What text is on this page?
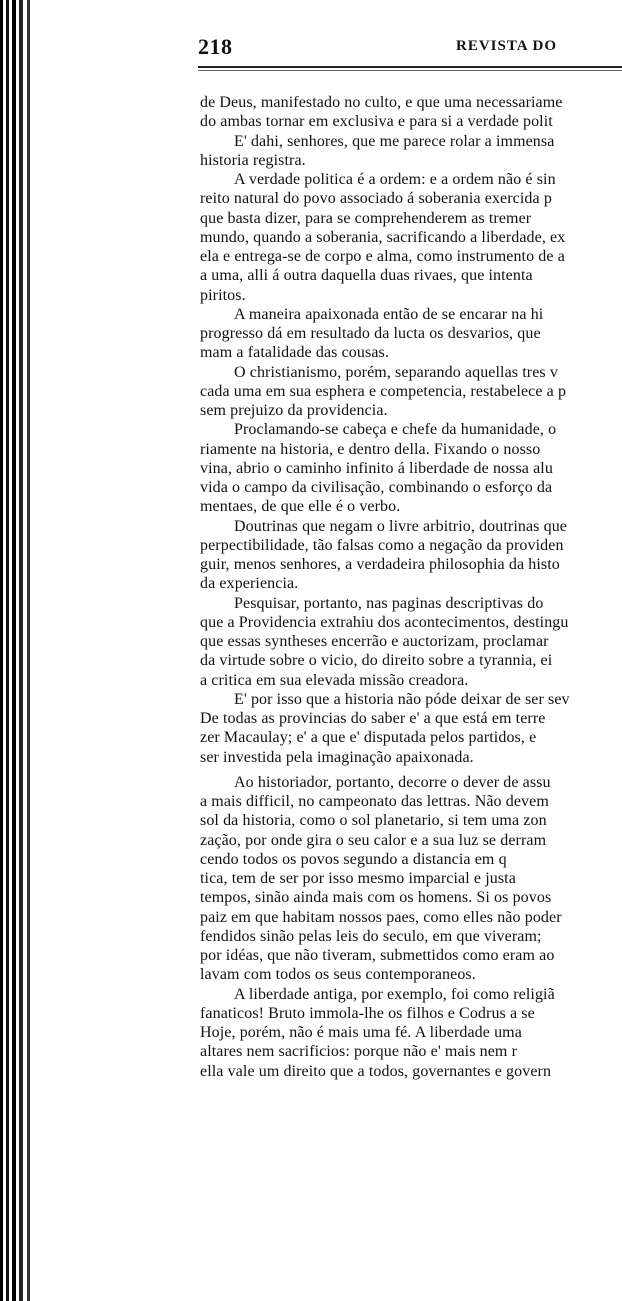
218	REVISTA DO
de Deus, manifestado no culto, e que uma necessariame
do ambas tornar em exclusiva e para si a verdade polit
E' dahi, senhores, que me parece rolar a immensa
historia registra.
A verdade politica é a ordem: e a ordem não é sin
reito natural do povo associado á soberania exercida p
que basta dizer, para se comprehenderem as tremer
mundo, quando a soberania, sacrificando a liberdade, ex
ela e entrega-se de corpo e alma, como instrumento de a
a uma, alli á outra daquella duas rivaes, que intenta
piritos.
A maneira apaixonada então de se encarar na hi
progresso dá em resultado da lucta os desvarios, que
mam a fatalidade das cousas.
O christianismo, porém, separando aquellas tres v
cada uma em sua esphera e competencia, restabelece a p
sem prejuizo da providencia.
Proclamando-se cabeça e chefe da humanidade, o
riamente na historia, e dentro della. Fixando o nosso
vina, abrio o caminho infinito á liberdade de nossa alu
vida o campo da civilisação, combinando o esforço da
mentaes, de que elle é o verbo.
Doutrinas que negam o livre arbitrio, doutrinas que
perpectibilidade, tão falsas como a negação da providen
guir, menos senhores, a verdadeira philosophia da histo
da experiencia.
Pesquisar, portanto, nas paginas descriptivas do
que a Providencia extrahiu dos acontecimentos, destingu
que essas syntheses encerrão e auctorizam, proclamar
da virtude sobre o vicio, do direito sobre a tyrannia, ei
a critica em sua elevada missão creadora.
E' por isso que a historia não póde deixar de ser sev
De todas as provincias do saber e' a que está em terre
zer Macaulay; e' a que e' disputada pelos partidos, e
ser investida pela imaginação apaixonada.
Ao historiador, portanto, decorre o dever de assu
a mais difficil, no campeonato das lettras. Não devem
sol da historia, como o sol planetario, si tem uma zon
zação, por onde gira o seu calor e a sua luz se derram
cendo todos os povos segundo a distancia em q
tica, tem de ser por isso mesmo imparcial e justa
tempos, sinão ainda mais com os homens. Si os povos
paiz em que habitam nossos paes, como elles não poder
fendidos sinão pelas leis do seculo, em que viveram;
por idéas, que não tiveram, submettidos como eram ao
lavam com todos os seus contemporaneos.
A liberdade antiga, por exemplo, foi como religiã
fanaticos! Bruto immola-lhe os filhos e Codrus a se
Hoje, porém, não é mais uma fé. A liberdade uma
altares nem sacrificios: porque não e' mais nem r
ella vale um direito que a todos, governantes e govern
